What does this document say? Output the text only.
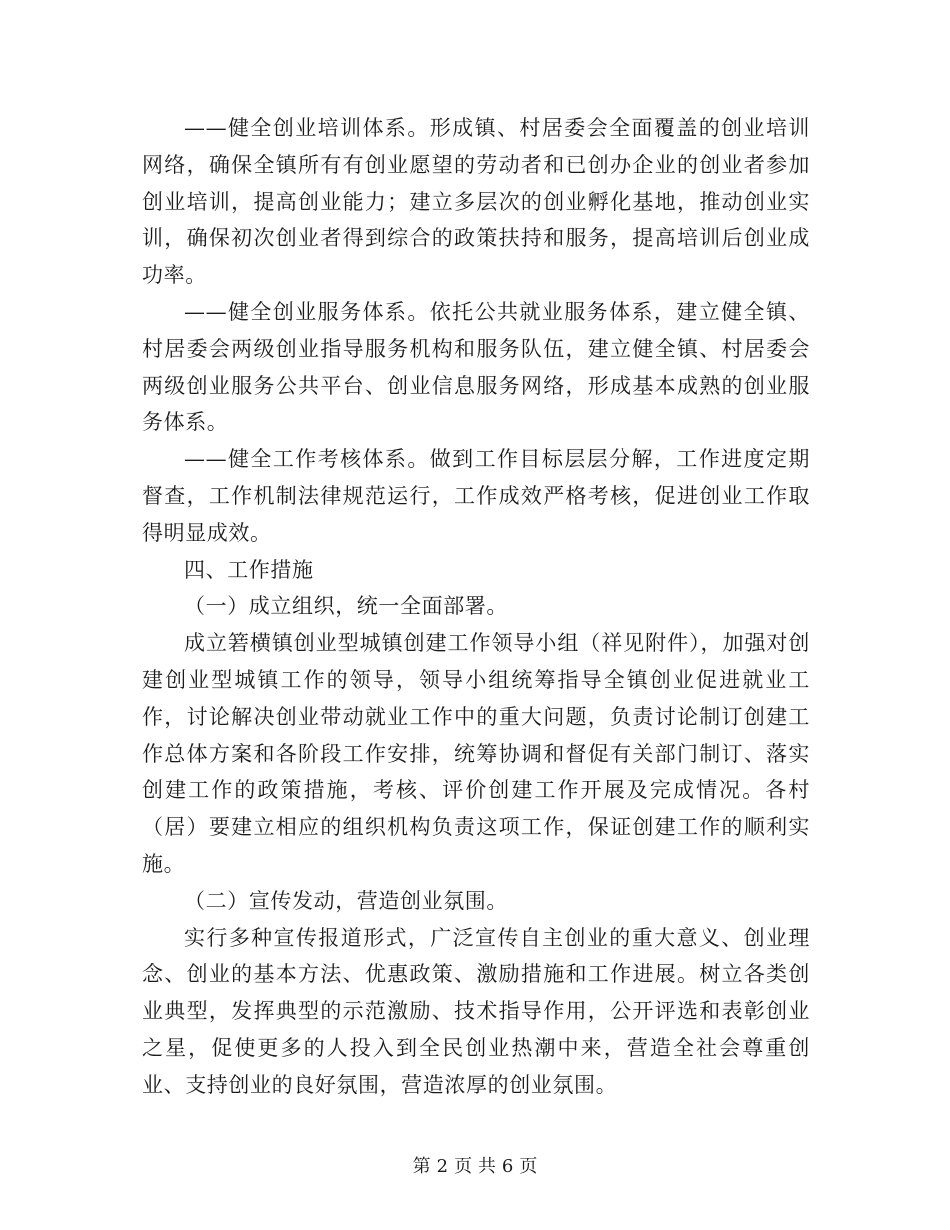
——健全创业培训体系。形成镇、村居委会全面覆盖的创业培训网络，确保全镇所有有创业愿望的劳动者和已创办企业的创业者参加创业培训，提高创业能力；建立多层次的创业孵化基地，推动创业实训，确保初次创业者得到综合的政策扶持和服务，提高培训后创业成功率。

——健全创业服务体系。依托公共就业服务体系，建立健全镇、村居委会两级创业指导服务机构和服务队伍，建立健全镇、村居委会两级创业服务公共平台、创业信息服务网络，形成基本成熟的创业服务体系。

——健全工作考核体系。做到工作目标层层分解，工作进度定期督查，工作机制法律规范运行，工作成效严格考核，促进创业工作取得明显成效。

四、工作措施

（一）成立组织，统一全面部署。

成立箬横镇创业型城镇创建工作领导小组（祥见附件），加强对创建创业型城镇工作的领导，领导小组统筹指导全镇创业促进就业工作，讨论解决创业带动就业工作中的重大问题，负责讨论制订创建工作总体方案和各阶段工作安排，统筹协调和督促有关部门制订、落实创建工作的政策措施，考核、评价创建工作开展及完成情况。各村（居）要建立相应的组织机构负责这项工作，保证创建工作的顺利实施。

（二）宣传发动，营造创业氛围。

实行多种宣传报道形式，广泛宣传自主创业的重大意义、创业理念、创业的基本方法、优惠政策、激励措施和工作进展。树立各类创业典型，发挥典型的示范激励、技术指导作用，公开评选和表彰创业之星，促使更多的人投入到全民创业热潮中来，营造全社会尊重创业、支持创业的良好氛围，营造浓厚的创业氛围。

第 2 页 共 6 页
